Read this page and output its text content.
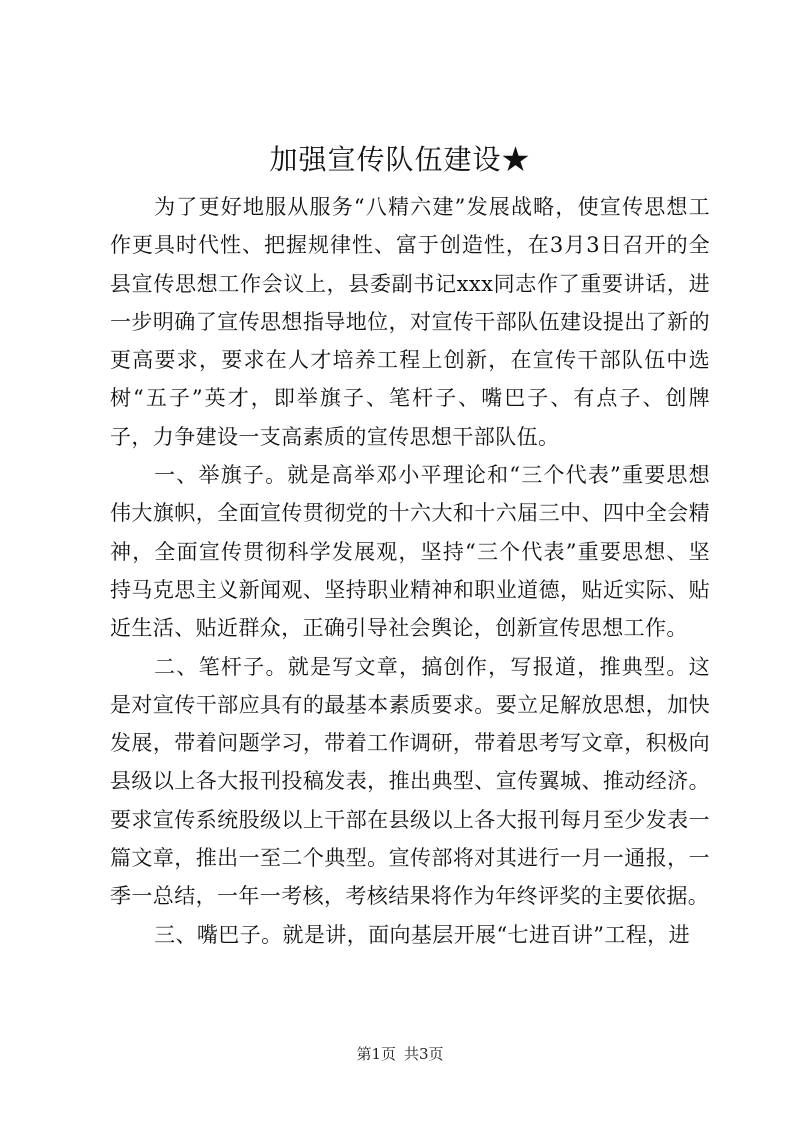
加强宣传队伍建设★

为了更好地服从服务“八精六建”发展战略，使宣传思想工作更具时代性、把握规律性、富于创造性，在3月3日召开的全县宣传思想工作会议上，县委副书记xxx同志作了重要讲话，进一步明确了宣传思想指导地位，对宣传干部队伍建设提出了新的更高要求，要求在人才培养工程上创新，在宣传干部队伍中选树“五子”英才，即举旗子、笔杆子、嘴巴子、有点子、创牌子，力争建设一支高素质的宣传思想干部队伍。

一、举旗子。就是高举邓小平理论和“三个代表”重要思想伟大旗帜，全面宣传贯彻党的十六大和十六届三中、四中全会精神，全面宣传贯彻科学发展观，坚持“三个代表”重要思想、坚持马克思主义新闻观、坚持职业精神和职业道德，贴近实际、贴近生活、贴近群众，正确引导社会舆论，创新宣传思想工作。

二、笔杆子。就是写文章，搞创作，写报道，推典型。这是对宣传干部应具有的最基本素质要求。要立足解放思想，加快发展，带着问题学习，带着工作调研，带着思考写文章，积极向县级以上各大报刊投稿发表，推出典型、宣传翼城、推动经济。要求宣传系统股级以上干部在县级以上各大报刊每月至少发表一篇文章，推出一至二个典型。宣传部将对其进行一月一通报，一季一总结，一年一考核，考核结果将作为年终评奖的主要依据。

三、嘴巴子。就是讲，面向基层开展“七进百讲”工程，进

第1页 共3页
